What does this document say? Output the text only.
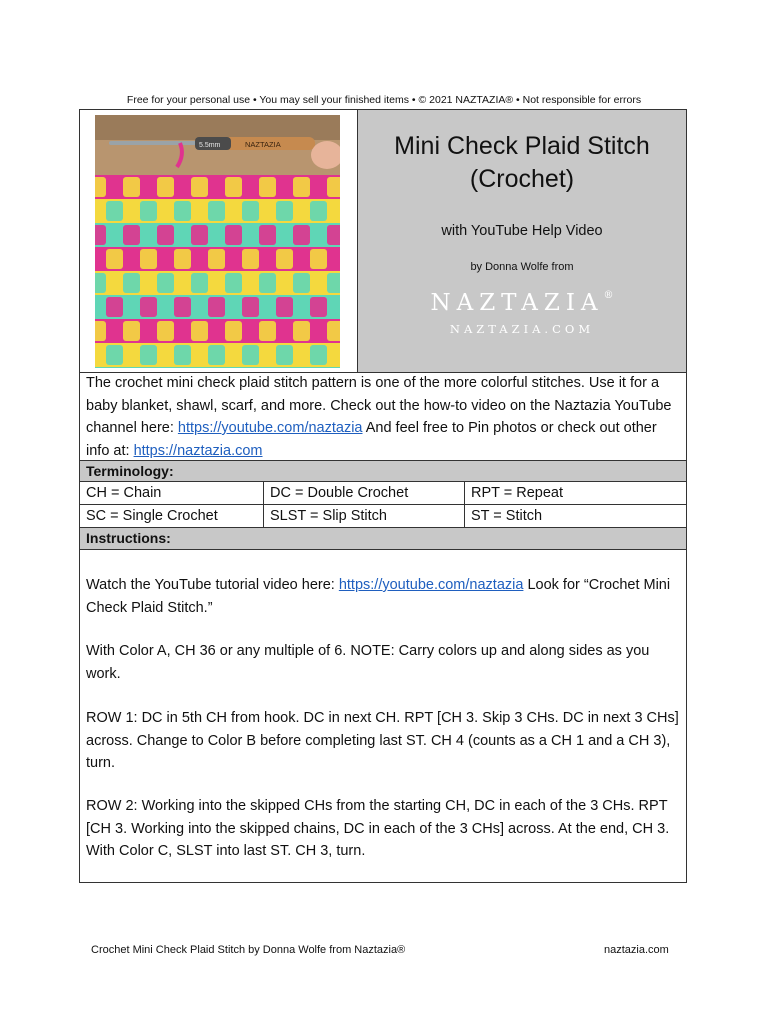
Free for your personal use • You may sell your finished items • © 2021 NAZTAZIA® • Not responsible for errors
5.5mm	NAZTAZIA	Mini Check Plaid Stitch
(Crochet)
with YouTube Help Video
by Donna Wolfe from
NAZTAZIA®
NAZTAZIA.COM
The crochet mini check plaid stitch pattern is one of the more colorful stitches. Use it for a baby blanket, shawl, scarf, and more. Check out the how-to video on the Naztazia YouTube channel here: https://youtube.com/naztazia And feel free to Pin photos or check out other info at: https://naztazia.com
Terminology:
CH = Chain	DC = Double Crochet	RPT = Repeat
SC = Single Crochet	SLST = Slip Stitch	ST = Stitch
Instructions:
Watch the YouTube tutorial video here: https://youtube.com/naztazia Look for “Crochet Mini Check Plaid Stitch.”
With Color A, CH 36 or any multiple of 6. NOTE: Carry colors up and along sides as you work.
ROW 1: DC in 5th CH from hook. DC in next CH. RPT [CH 3. Skip 3 CHs. DC in next 3 CHs] across. Change to Color B before completing last ST. CH 4 (counts as a CH 1 and a CH 3), turn.
ROW 2: Working into the skipped CHs from the starting CH, DC in each of the 3 CHs. RPT [CH 3. Working into the skipped chains, DC in each of the 3 CHs] across. At the end, CH 3. With Color C, SLST into last ST. CH 3, turn.
Crochet Mini Check Plaid Stitch by Donna Wolfe from Naztazia®	naztazia.com
